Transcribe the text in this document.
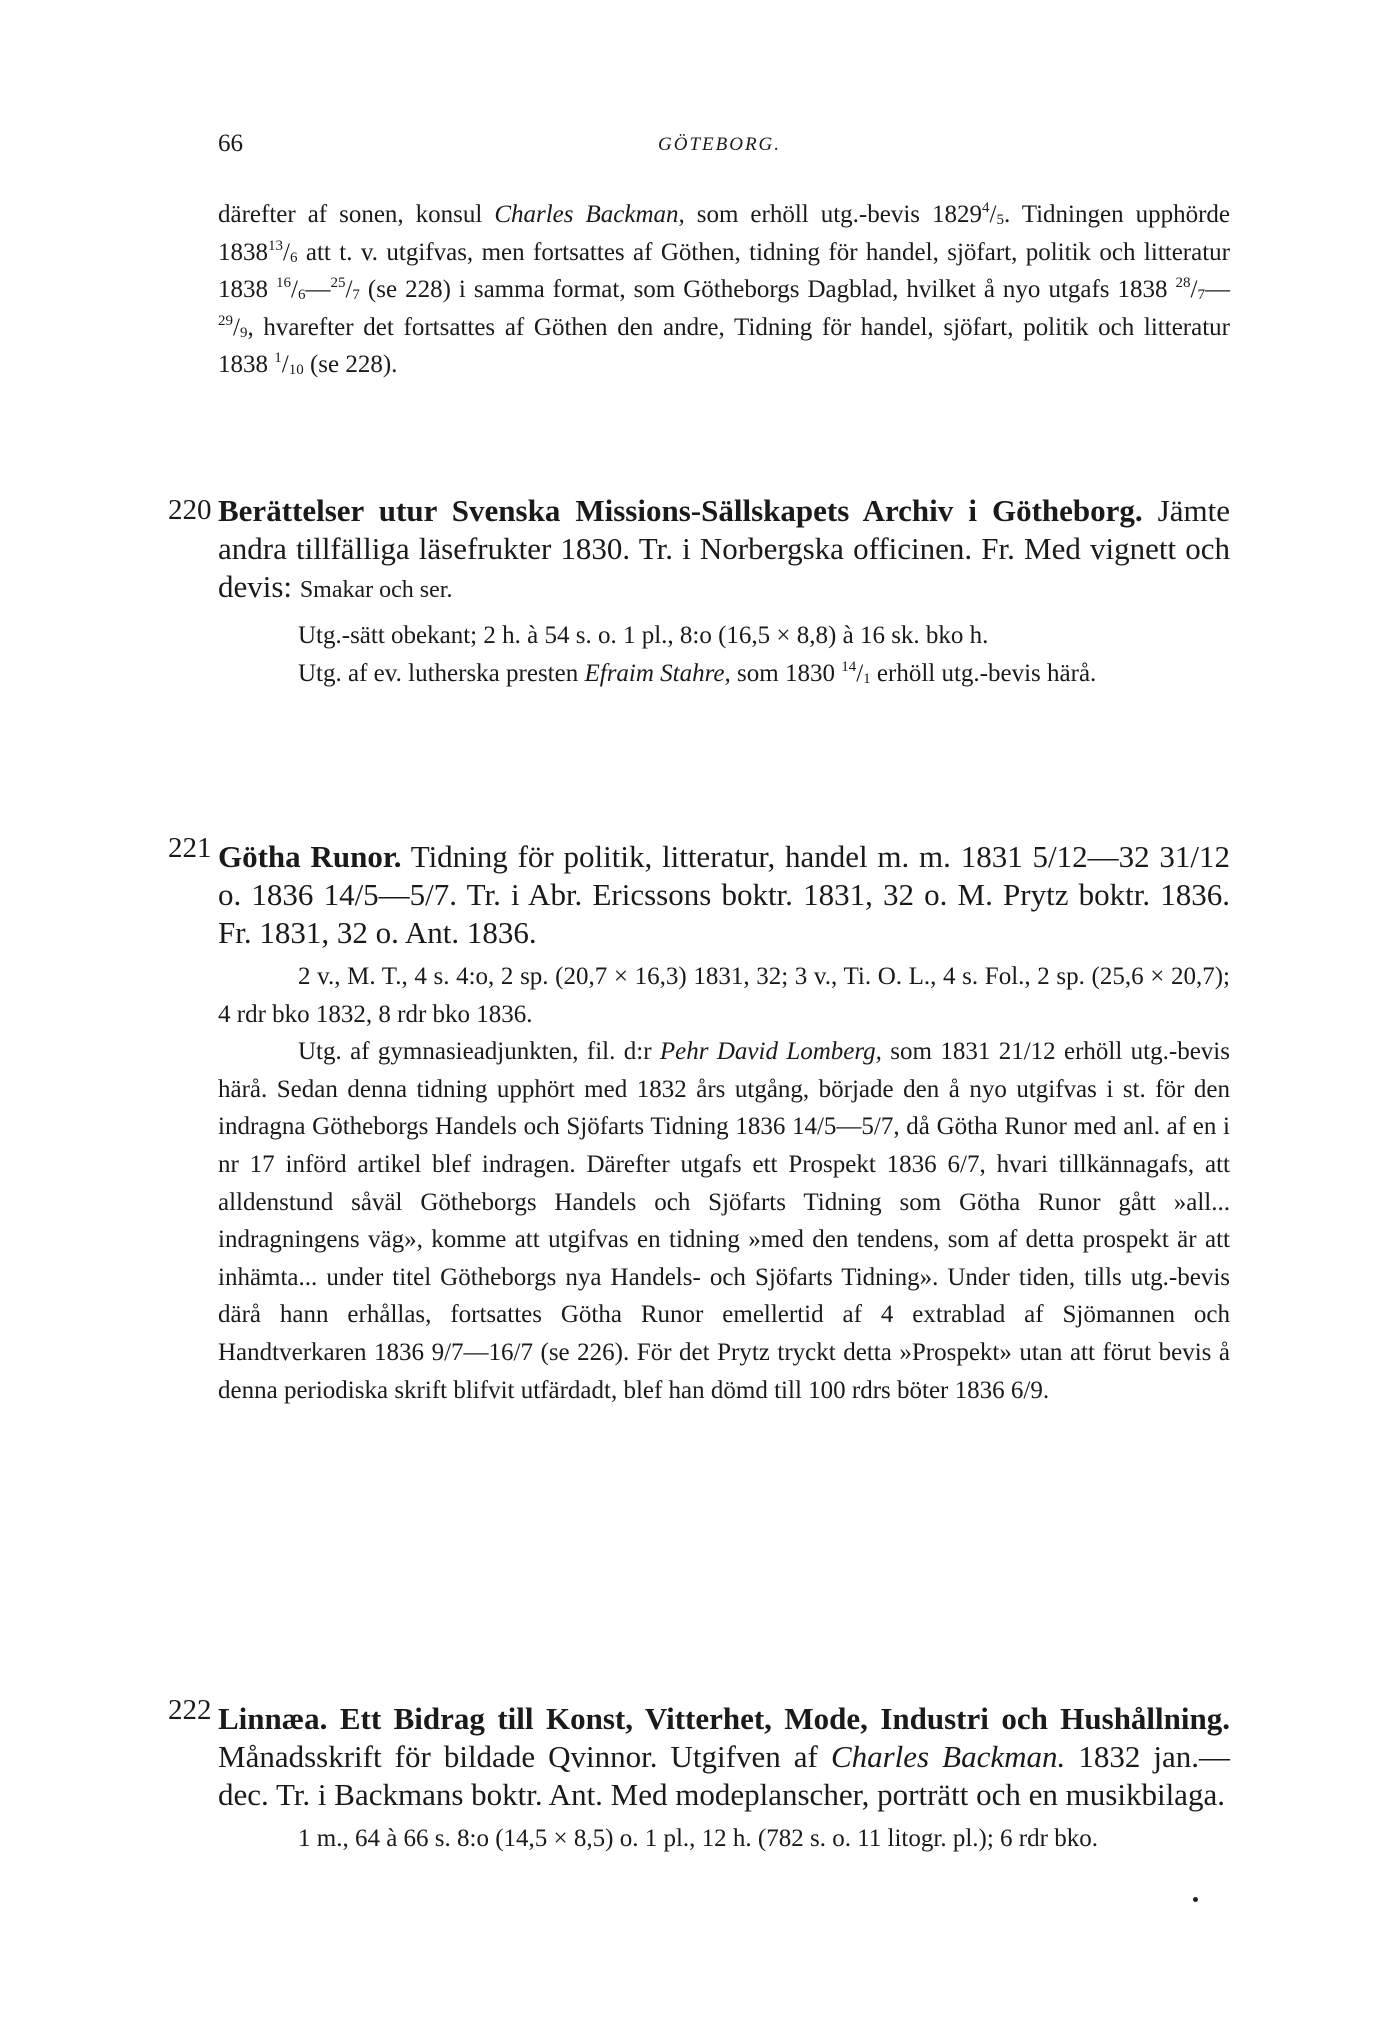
66	GÖTEBORG.

därefter af sonen, konsul Charles Backman, som erhöll utg.-bevis $1829^4/_5$. Tidningen upphörde $1838^{13}/_6$ att t. v. utgifvas, men fortsattes af Göthen, tidning för handel, sjöfart, politik och litteratur 1838 $^{16}/_6—^{25}/_7$ (se 228) i samma format, som Götheborgs Dagblad, hvilket å nyo utgafs 1838 $^{28}/_7—^{29}/_9$, hvarefter det fortsattes af Göthen den andre, Tidning för handel, sjöfart, politik och litteratur 1838 $^1/_{10}$ (se 228).

220 Berättelser utur Svenska Missions-Sällskapets Archiv i Götheborg. Jämte andra tillfälliga läsefrukter 1830. Tr. i Norbergska officinen. Fr. Med vignett och devis: Smakar och ser.

Utg.-sätt obekant; 2 h. à 54 s. o. 1 pl., 8:o (16,5 × 8,8) à 16 sk. bko h.

Utg. af ev. lutherska presten Efraim Stahre, som 1830 $^{14}/_1$ erhöll utg.-bevis härå.

221 Götha Runor. Tidning för politik, litteratur, handel m. m. 1831 5/12—32 31/12 o. 1836 14/5—5/7. Tr. i Abr. Ericssons boktr. 1831, 32 o. M. Prytz boktr. 1836. Fr. 1831, 32 o. Ant. 1836.

2 v., M. T., 4 s. 4:o, 2 sp. (20,7 × 16,3) 1831, 32; 3 v., Ti. O. L., 4 s. Fol., 2 sp. (25,6 × 20,7); 4 rdr bko 1832, 8 rdr bko 1836.

Utg. af gymnasieadjunkten, fil. d:r Pehr David Lomberg, som 1831 21/12 erhöll utg.-bevis härå. Sedan denna tidning upphört med 1832 års utgång, började den å nyo utgifvas i st. för den indragna Götheborgs Handels och Sjöfarts Tidning 1836 14/5—5/7, då Götha Runor med anl. af en i nr 17 införd artikel blef indragen. Därefter utgafs ett Prospekt 1836 6/7, hvari tillkännagafs, att alldenstund såväl Götheborgs Handels och Sjöfarts Tidning som Götha Runor gått »all... indragningens väg», komme att utgifvas en tidning »med den tendens, som af detta prospekt är att inhämta... under titel Götheborgs nya Handels- och Sjöfarts Tidning». Under tiden, tills utg.-bevis därå hann erhållas, fortsattes Götha Runor emellertid af 4 extrablad af Sjömannen och Handtverkaren 1836 9/7—16/7 (se 226). För det Prytz tryckt detta »Prospekt» utan att förut bevis å denna periodiska skrift blifvit utfärdadt, blef han dömd till 100 rdrs böter 1836 6/9.

222 Linnæa. Ett Bidrag till Konst, Vitterhet, Mode, Industri och Hushållning. Månadsskrift för bildade Qvinnor. Utgifven af Charles Backman. 1832 jan.—dec. Tr. i Backmans boktr. Ant. Med modeplanscher, porträtt och en musikbilaga.

1 m., 64 à 66 s. 8:o (14,5 × 8,5) o. 1 pl., 12 h. (782 s. o. 11 litogr. pl.); 6 rdr bko.
